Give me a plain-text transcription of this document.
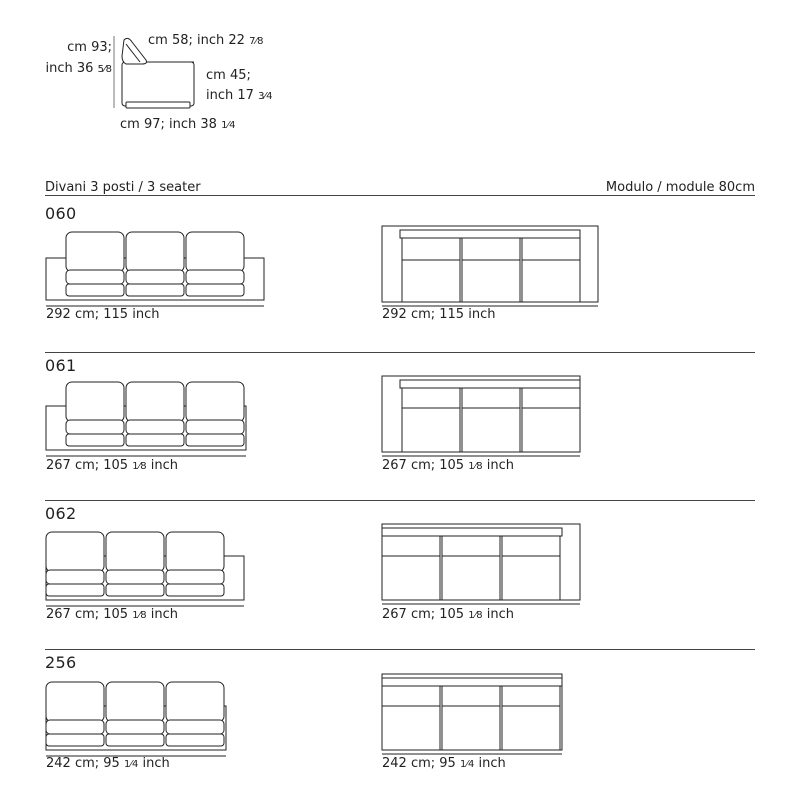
cm 93;
inch 36 5⁄8
cm 58; inch 22 7⁄8
cm 45;
inch 17 3⁄4
cm 97; inch 38 1⁄4
Divani 3 posti / 3 seater	Modulo / module 80cm
060
292 cm; 115 inch	292 cm; 115 inch
061
267 cm; 105 1⁄8 inch	267 cm; 105 1⁄8 inch
062
267 cm; 105 1⁄8 inch	267 cm; 105 1⁄8 inch
256
242 cm; 95 1⁄4 inch	242 cm; 95 1⁄4 inch
